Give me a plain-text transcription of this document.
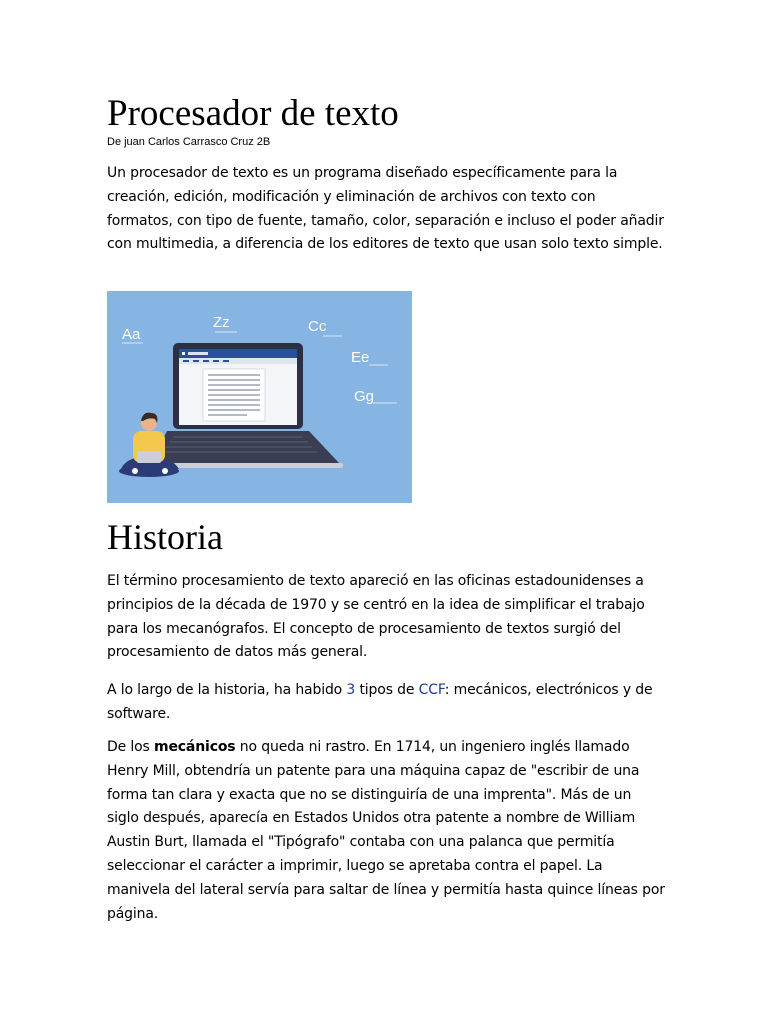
Procesador de texto
De juan Carlos Carrasco Cruz 2B

Un procesador de texto es un programa diseñado específicamente para la creación, edición, modificación y eliminación de archivos con texto con formatos, con tipo de fuente, tamaño, color, separación e incluso el poder añadir con multimedia, a diferencia de los editores de texto que usan solo texto simple.

Aa
Zz	Cc
Ee
Gg
Historia

El término procesamiento de texto apareció en las oficinas estadounidenses a principios de la década de 1970 y se centró en la idea de simplificar el trabajo para los mecanógrafos. El concepto de procesamiento de textos surgió del procesamiento de datos más general.

A lo largo de la historia, ha habido 3 tipos de CCF: mecánicos, electrónicos y de software.

De los mecánicos no queda ni rastro. En 1714, un ingeniero inglés llamado Henry Mill, obtendría un patente para una máquina capaz de "escribir de una forma tan clara y exacta que no se distinguiría de una imprenta". Más de un siglo después, aparecía en Estados Unidos otra patente a nombre de William Austin Burt, llamada el "Tipógrafo" contaba con una palanca que permitía seleccionar el carácter a imprimir, luego se apretaba contra el papel. La manivela del lateral servía para saltar de línea y permitía hasta quince líneas por página.
